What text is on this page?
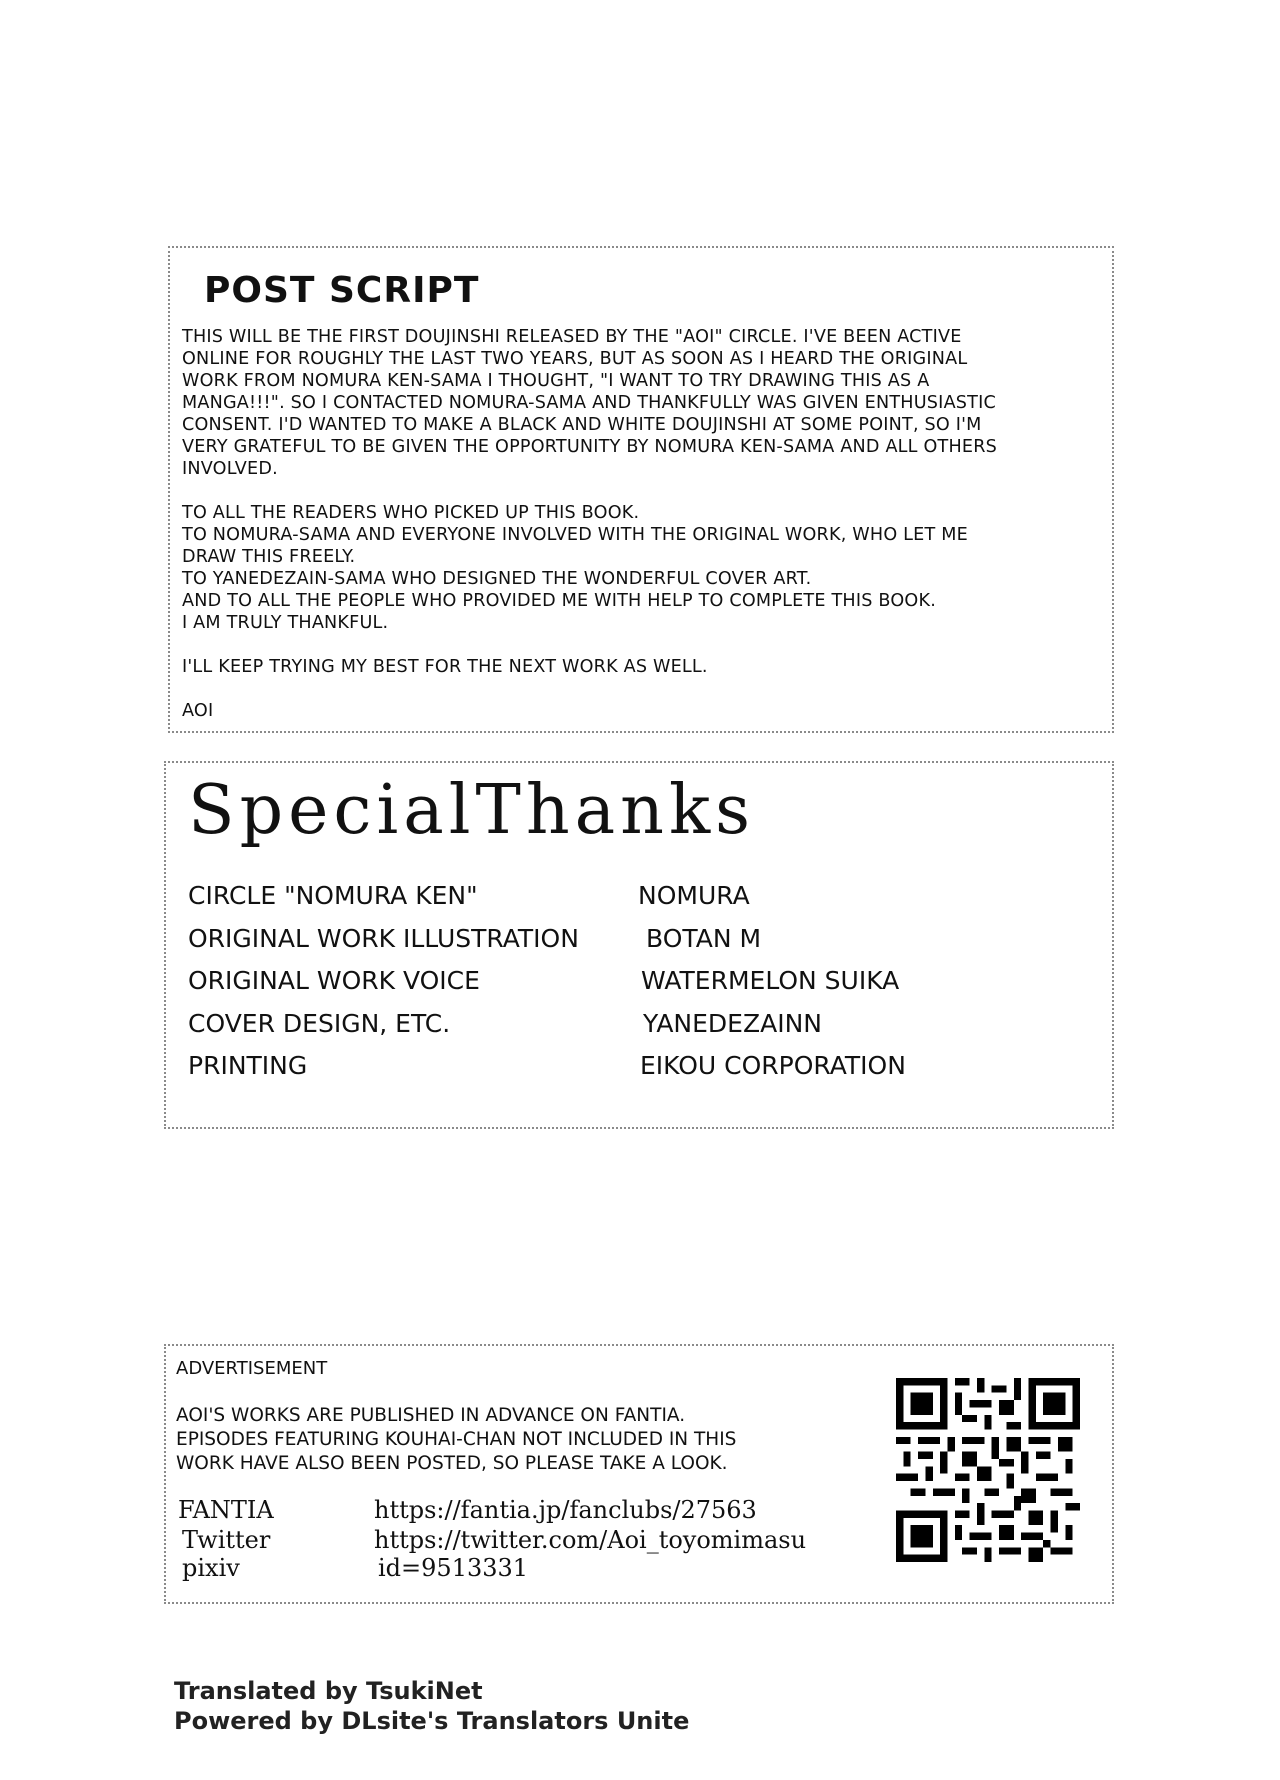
POST SCRIPT
THIS WILL BE THE FIRST DOUJINSHI RELEASED BY THE "AOI" CIRCLE. I'VE BEEN ACTIVE
ONLINE FOR ROUGHLY THE LAST TWO YEARS, BUT AS SOON AS I HEARD THE ORIGINAL
WORK FROM NOMURA KEN-SAMA I THOUGHT, "I WANT TO TRY DRAWING THIS AS A
MANGA!!!". SO I CONTACTED NOMURA-SAMA AND THANKFULLY WAS GIVEN ENTHUSIASTIC
CONSENT. I'D WANTED TO MAKE A BLACK AND WHITE DOUJINSHI AT SOME POINT, SO I'M
VERY GRATEFUL TO BE GIVEN THE OPPORTUNITY BY NOMURA KEN-SAMA AND ALL OTHERS
INVOLVED.
TO ALL THE READERS WHO PICKED UP THIS BOOK.
TO NOMURA-SAMA AND EVERYONE INVOLVED WITH THE ORIGINAL WORK, WHO LET ME
DRAW THIS FREELY.
TO YANEDEZAIN-SAMA WHO DESIGNED THE WONDERFUL COVER ART.
AND TO ALL THE PEOPLE WHO PROVIDED ME WITH HELP TO COMPLETE THIS BOOK.
I AM TRULY THANKFUL.
I'LL KEEP TRYING MY BEST FOR THE NEXT WORK AS WELL.
AOI
SpecialThanks
CIRCLE "NOMURA KEN"	NOMURA
ORIGINAL WORK ILLUSTRATION	BOTAN M
ORIGINAL WORK VOICE	WATERMELON SUIKA
COVER DESIGN, ETC.	YANEDEZAINN
PRINTING	EIKOU CORPORATION
ADVERTISEMENT
AOI'S WORKS ARE PUBLISHED IN ADVANCE ON FANTIA.
EPISODES FEATURING KOUHAI-CHAN NOT INCLUDED IN THIS
WORK HAVE ALSO BEEN POSTED, SO PLEASE TAKE A LOOK.
FANTIA	https://fantia.jp/fanclubs/27563
Twitter	https://twitter.com/Aoi_toyomimasu
pixiv	id=9513331
Translated by TsukiNet
Powered by DLsite's Translators Unite
